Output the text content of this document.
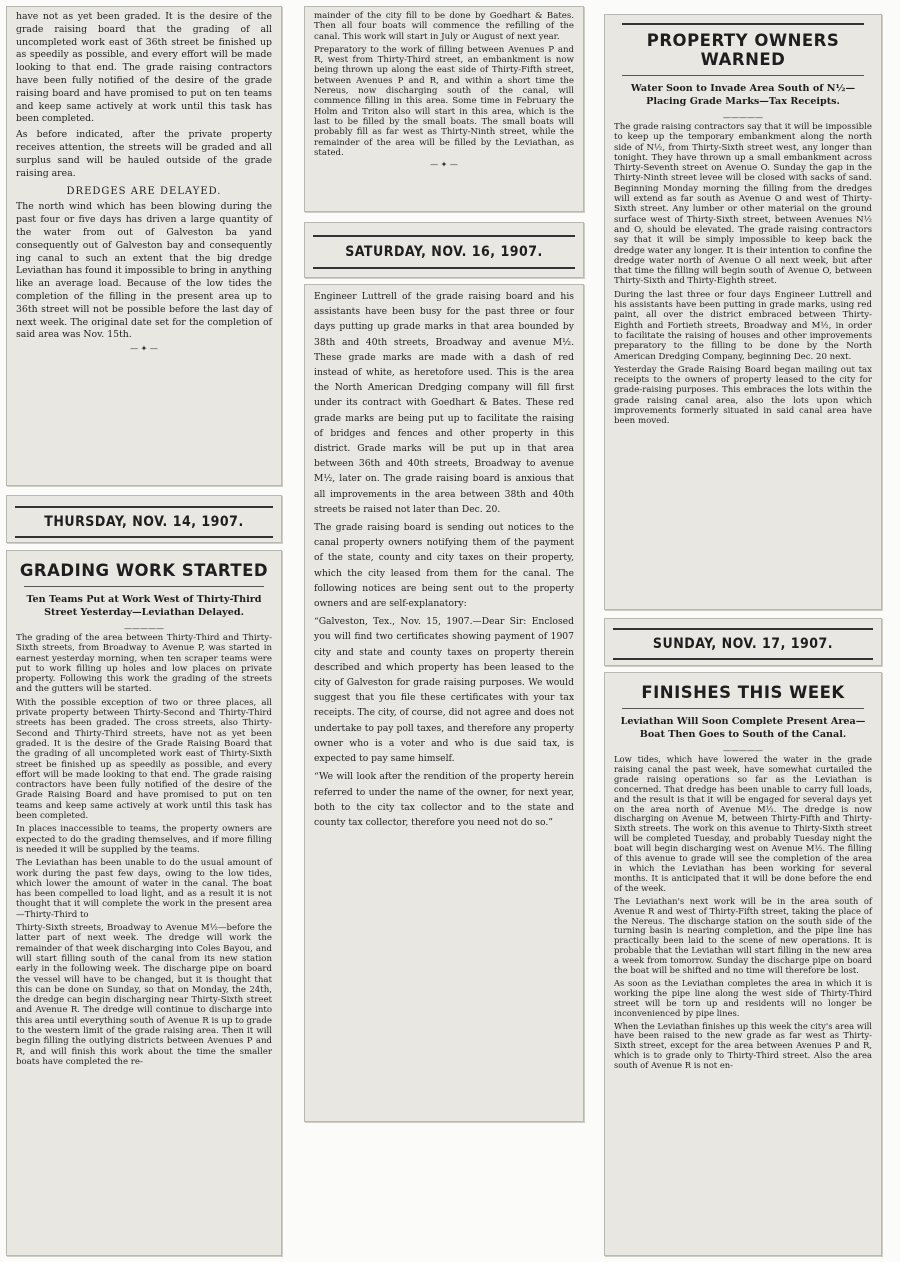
have not as yet been graded. It is the desire of the grade raising board that the grading of all uncompleted work east of 36th street be finished up as speedily as possible, and every effort will be made looking to that end. The grade raising contractors have been fully notified of the desire of the grade raising board and have promised to put on ten teams and keep same actively at work until this task has been completed.

As before indicated, after the private property receives attention, the streets will be graded and all surplus sand will be hauled outside of the grade raising area.

DREDGES ARE DELAYED.

The north wind which has been blowing during the past four or five days has driven a large quantity of the water from out of Galveston ba yand consequently out of Galveston bay and consequently ing canal to such an extent that the big dredge Leviathan has found it impossible to bring in anything like an average load. Because of the low tides the completion of the filling in the present area up to 36th street will not be possible before the last day of next week. The original date set for the completion of said area was Nov. 15th.

— ✦ —
THURSDAY, NOV. 14, 1907.
GRADING WORK STARTED
Ten Teams Put at Work West of Thirty-Third Street Yesterday—Leviathan Delayed.
—————

The grading of the area between Thirty-Third and Thirty-Sixth streets, from Broadway to Avenue P, was started in earnest yesterday morning, when ten scraper teams were put to work filling up holes and low places on private property. Following this work the grading of the streets and the gutters will be started.

With the possible exception of two or three places, all private property between Thirty-Second and Thirty-Third streets has been graded. The cross streets, also Thirty-Second and Thirty-Third streets, have not as yet been graded. It is the desire of the Grade Raising Board that the grading of all uncompleted work east of Thirty-Sixth street be finished up as speedily as possible, and every effort will be made looking to that end. The grade raising contractors have been fully notified of the desire of the Grade Raising Board and have promised to put on ten teams and keep same actively at work until this task has been completed.

In places inaccessible to teams, the property owners are expected to do the grading themselves, and if more filling is needed it will be supplied by the teams.

The Leviathan has been unable to do the usual amount of work during the past few days, owing to the low tides, which lower the amount of water in the canal. The boat has been compelled to load light, and as a result it is not thought that it will complete the work in the present area—Thirty-Third to

Thirty-Sixth streets, Broadway to Avenue M½—before the latter part of next week. The dredge will work the remainder of that week discharging into Coles Bayou, and will start filling south of the canal from its new station early in the following week. The discharge pipe on board the vessel will have to be changed, but it is thought that this can be done on Sunday, so that on Monday, the 24th, the dredge can begin discharging near Thirty-Sixth street and Avenue R. The dredge will continue to discharge into this area until everything south of Avenue R is up to grade to the western limit of the grade raising area. Then it will begin filling the outlying districts between Avenues P and R, and will finish this work about the time the smaller boats have completed the re-

mainder of the city fill to be done by Goedhart & Bates. Then all four boats will commence the refilling of the canal. This work will start in July or August of next year.

Preparatory to the work of filling between Avenues P and R, west from Thirty-Third street, an embankment is now being thrown up along the east side of Thirty-Fifth street, between Avenues P and R, and within a short time the Nereus, now discharging south of the canal, will commence filling in this area. Some time in February the Holm and Triton also will start in this area, which is the last to be filled by the small boats. The small boats will probably fill as far west as Thirty-Ninth street, while the remainder of the area will be filled by the Leviathan, as stated.

— ✦ —
SATURDAY, NOV. 16, 1907.

Engineer Luttrell of the grade raising board and his assistants have been busy for the past three or four days putting up grade marks in that area bounded by 38th and 40th streets, Broadway and avenue M½. These grade marks are made with a dash of red instead of white, as heretofore used. This is the area the North American Dredging company will fill first under its contract with Goedhart & Bates. These red grade marks are being put up to facilitate the raising of bridges and fences and other property in this district. Grade marks will be put up in that area between 36th and 40th streets, Broadway to avenue M½, later on. The grade raising board is anxious that all improvements in the area between 38th and 40th streets be raised not later than Dec. 20.

The grade raising board is sending out notices to the canal property owners notifying them of the payment of the state, county and city taxes on their property, which the city leased from them for the canal. The following notices are being sent out to the property owners and are self-explanatory:

“Galveston, Tex., Nov. 15, 1907.—Dear Sir: Enclosed you will find two certificates showing payment of 1907 city and state and county taxes on property therein described and which property has been leased to the city of Galveston for grade raising purposes. We would suggest that you file these certificates with your tax receipts. The city, of course, did not agree and does not undertake to pay poll taxes, and therefore any property owner who is a voter and who is due said tax, is expected to pay same himself.

“We will look after the rendition of the property herein referred to under the name of the owner, for next year, both to the city tax collector and to the state and county tax collector, therefore you need not do so.”

PROPERTY OWNERS WARNED
Water Soon to Invade Area South of N½—Placing Grade Marks—Tax Receipts.
—————

The grade raising contractors say that it will be impossible to keep up the temporary embankment along the north side of N½, from Thirty-Sixth street west, any longer than tonight. They have thrown up a small embankment across Thirty-Seventh street on Avenue O. Sunday the gap in the Thirty-Ninth street levee will be closed with sacks of sand. Beginning Monday morning the filling from the dredges will extend as far south as Avenue O and west of Thirty-Sixth street. Any lumber or other material on the ground surface west of Thirty-Sixth street, between Avenues N½ and O, should be elevated. The grade raising contractors say that it will be simply impossible to keep back the dredge water any longer. It is their intention to confine the dredge water north of Avenue O all next week, but after that time the filling will begin south of Avenue O, between Thirty-Sixth and Thirty-Eighth street.

During the last three or four days Engineer Luttrell and his assistants have been putting in grade marks, using red paint, all over the district embraced between Thirty-Eighth and Fortieth streets, Broadway and M½, in order to facilitate the raising of houses and other improvements preparatory to the filling to be done by the North American Dredging Company, beginning Dec. 20 next.

Yesterday the Grade Raising Board began mailing out tax receipts to the owners of property leased to the city for grade-raising purposes. This embraces the lots within the grade raising canal area, also the lots upon which improvements formerly situated in said canal area have been moved.

SUNDAY, NOV. 17, 1907.
FINISHES THIS WEEK
Leviathan Will Soon Complete Present Area—Boat Then Goes to South of the Canal.
—————

Low tides, which have lowered the water in the grade raising canal the past week, have somewhat curtailed the grade raising operations so far as the Leviathan is concerned. That dredge has been unable to carry full loads, and the result is that it will be engaged for several days yet on the area north of Avenue M½. The dredge is now discharging on Avenue M, between Thirty-Fifth and Thirty-Sixth streets. The work on this avenue to Thirty-Sixth street will be completed Tuesday, and probably Tuesday night the boat will begin discharging west on Avenue M½. The filling of this avenue to grade will see the completion of the area in which the Leviathan has been working for several months. It is anticipated that it will be done before the end of the week.

The Leviathan's next work will be in the area south of Avenue R and west of Thirty-Fifth street, taking the place of the Nereus. The discharge station on the south side of the turning basin is nearing completion, and the pipe line has practically been laid to the scene of new operations. It is probable that the Leviathan will start filling in the new area a week from tomorrow. Sunday the discharge pipe on board the boat will be shifted and no time will therefore be lost.

As soon as the Leviathan completes the area in which it is working the pipe line along the west side of Thirty-Third street will be torn up and residents will no longer be inconvenienced by pipe lines.

When the Leviathan finishes up this week the city's area will have been raised to the new grade as far west as Thirty-Sixth street, except for the area between Avenues P and R, which is to grade only to Thirty-Third street. Also the area south of Avenue R is not en-
